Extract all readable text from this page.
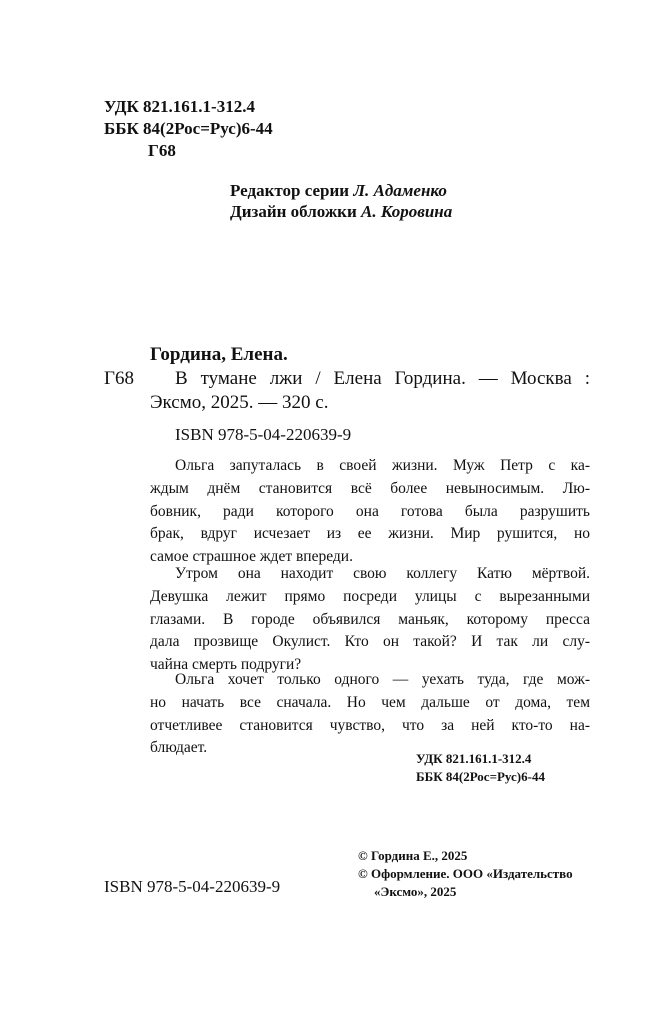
УДК 821.161.1-312.4
ББК 84(2Рос=Рус)6-44
Г68
Редактор серии Л. Адаменко
Дизайн обложки А. Коровина
Гордина, Елена.
Г68 В тумане лжи / Елена Гордина. — Москва :
Эксмо, 2025. — 320 с.
ISBN 978-5-04-220639-9
Ольга запуталась в своей жизни. Муж Петр с ка-
ждым днём становится всё более невыносимым. Лю-
бовник, ради которого она готова была разрушить
брак, вдруг исчезает из ее жизни. Мир рушится, но
самое страшное ждет впереди.
Утром она находит свою коллегу Катю мёртвой.
Девушка лежит прямо посреди улицы с вырезанными
глазами. В городе объявился маньяк, которому пресса
дала прозвище Окулист. Кто он такой? И так ли слу-
чайна смерть подруги?
Ольга хочет только одного — уехать туда, где мож-
но начать все сначала. Но чем дальше от дома, тем
отчетливее становится чувство, что за ней кто-то на-
блюдает.
УДК 821.161.1-312.4
ББК 84(2Рос=Рус)6-44
© Гордина Е., 2025
© Оформление. ООО «Издательство
«Эксмо», 2025
ISBN 978-5-04-220639-9
